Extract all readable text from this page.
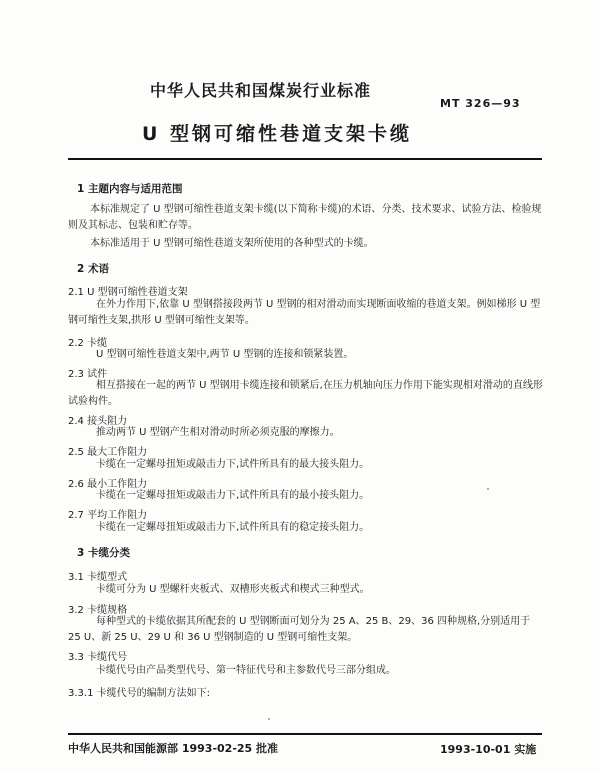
中华人民共和国煤炭行业标准
MT 326—93
U 型钢可缩性巷道支架卡缆
1 主题内容与适用范围
本标准规定了 U 型钢可缩性巷道支架卡缆(以下简称卡缆)的术语、分类、技术要求、试验方法、检验规则及其标志、包装和贮存等。
本标准适用于 U 型钢可缩性巷道支架所使用的各种型式的卡缆。
2 术语
2.1 U 型钢可缩性巷道支架
在外力作用下,依靠 U 型钢搭接段两节 U 型钢的相对滑动而实现断面收缩的巷道支架。例如梯形 U 型钢可缩性支架,拱形 U 型钢可缩性支架等。
2.2 卡缆
U 型钢可缩性巷道支架中,两节 U 型钢的连接和锁紧装置。
2.3 试件
相互搭接在一起的两节 U 型钢用卡缆连接和锁紧后,在压力机轴向压力作用下能实现相对滑动的直线形试验构件。
2.4 接头阻力
推动两节 U 型钢产生相对滑动时所必须克服的摩擦力。
2.5 最大工作阻力
卡缆在一定螺母扭矩或敲击力下,试件所具有的最大接头阻力。
2.6 最小工作阻力
卡缆在一定螺母扭矩或敲击力下,试件所具有的最小接头阻力。
2.7 平均工作阻力
卡缆在一定螺母扭矩或敲击力下,试件所具有的稳定接头阻力。
3 卡缆分类
3.1 卡缆型式
卡缆可分为 U 型螺杆夹板式、双槽形夹板式和楔式三种型式。
3.2 卡缆规格
每种型式的卡缆依据其所配套的 U 型钢断面可划分为 25 A、25 B、29、36 四种规格,分别适用于 25 U、新 25 U、29 U 和 36 U 型钢制造的 U 型钢可缩性支架。
3.3 卡缆代号
卡缆代号由产品类型代号、第一特征代号和主参数代号三部分组成。
3.3.1 卡缆代号的编制方法如下:
中华人民共和国能源部 1993-02-25 批准	1993-10-01 实施
